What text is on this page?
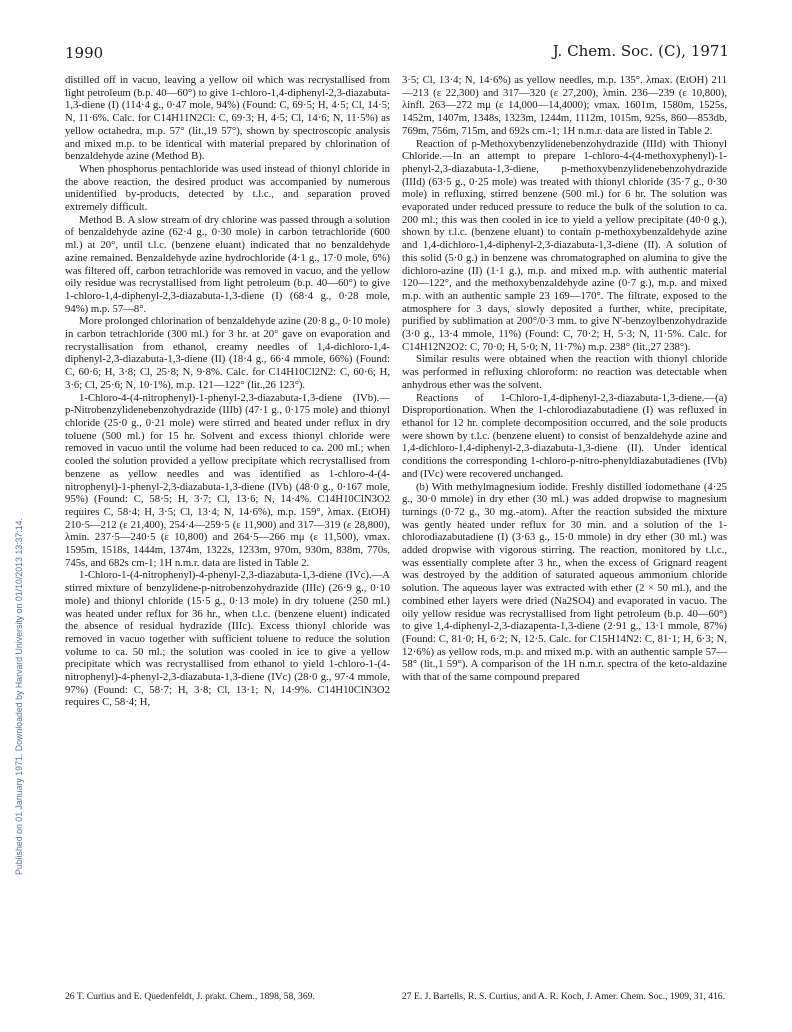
1990	J. Chem. Soc. (C), 1971
Published on 01 January 1971. Downloaded by Harvard University on 01/10/2013 13:37:14.

distilled off in vacuo, leaving a yellow oil which was recrystallised from light petroleum (b.p. 40—60°) to give 1-chloro-1,4-diphenyl-2,3-diazabuta-1,3-diene (I) (114·4 g., 0·47 mole, 94%) (Found: C, 69·5; H, 4·5; Cl, 14·5; N, 11·6%. Calc. for C14H11N2Cl: C, 69·3; H, 4·5; Cl, 14·6; N, 11·5%) as yellow octahedra, m.p. 57° (lit.,19 57°), shown by spectroscopic analysis and mixed m.p. to be identical with material prepared by chlorination of benzaldehyde azine (Method B).

When phosphorus pentachloride was used instead of thionyl chloride in the above reaction, the desired product was accompanied by numerous unidentified by-products, detected by t.l.c., and separation proved extremely difficult.

Method B. A slow stream of dry chlorine was passed through a solution of benzaldehyde azine (62·4 g., 0·30 mole) in carbon tetrachloride (600 ml.) at 20°, until t.l.c. (benzene eluant) indicated that no benzaldehyde azine remained. Benzaldehyde azine hydrochloride (4·1 g., 17·0 mole, 6%) was filtered off, carbon tetrachloride was removed in vacuo, and the yellow oily residue was recrystallised from light petroleum (b.p. 40—60°) to give 1-chloro-1,4-diphenyl-2,3-diazabuta-1,3-diene (I) (68·4 g., 0·28 mole, 94%) m.p. 57—8°.

More prolonged chlorination of benzaldehyde azine (20·8 g., 0·10 mole) in carbon tetrachloride (300 ml.) for 3 hr. at 20° gave on evaporation and recrystallisation from ethanol, creamy needles of 1,4-dichloro-1,4-diphenyl-2,3-diazabuta-1,3-diene (II) (18·4 g., 66·4 mmole, 66%) (Found: C, 60·6; H, 3·8; Cl, 25·8; N, 9·8%. Calc. for C14H10Cl2N2: C, 60·6; H, 3·6; Cl, 25·6; N, 10·1%), m.p. 121—122° (lit.,26 123°).

1-Chloro-4-(4-nitrophenyl)-1-phenyl-2,3-diazabuta-1,3-diene (IVb).—p-Nitrobenzylidenebenzohydrazide (IIIb) (47·1 g., 0·175 mole) and thionyl chloride (25·0 g., 0·21 mole) were stirred and heated under reflux in dry toluene (500 ml.) for 15 hr. Solvent and excess thionyl chloride were removed in vacuo until the volume had been reduced to ca. 200 ml.; when cooled the solution provided a yellow precipitate which recrystallised from benzene as yellow needles and was identified as 1-chloro-4-(4-nitrophenyl)-1-phenyl-2,3-diazabuta-1,3-diene (IVb) (48·0 g., 0·167 mole, 95%) (Found: C, 58·5; H, 3·7; Cl, 13·6; N, 14·4%. C14H10ClN3O2 requires C, 58·4; H, 3·5; Cl, 13·4; N, 14·6%), m.p. 159°, λmax. (EtOH) 210·5—212 (ε 21,400), 254·4—259·5 (ε 11,900) and 317—319 (ε 28,800), λmin. 237·5—240·5 (ε 10,800) and 264·5—266 mμ (ε 11,500), νmax. 1595m, 1518s, 1444m, 1374m, 1322s, 1233m, 970m, 930m, 838m, 770s, 745s, and 682s cm-1; 1H n.m.r. data are listed in Table 2.

1-Chloro-1-(4-nitrophenyl)-4-phenyl-2,3-diazabuta-1,3-diene (IVc).—A stirred mixture of benzylidene-p-nitrobenzohydrazide (IIIc) (26·9 g., 0·10 mole) and thionyl chloride (15·5 g., 0·13 mole) in dry toluene (250 ml.) was heated under reflux for 36 hr., when t.l.c. (benzene eluent) indicated the absence of residual hydrazide (IIIc). Excess thionyl chloride was removed in vacuo together with sufficient toluene to reduce the solution volume to ca. 50 ml.; the solution was cooled in ice to give a yellow precipitate which was recrystallised from ethanol to yield 1-chloro-1-(4-nitrophenyl)-4-phenyl-2,3-diazabuta-1,3-diene (IVc) (28·0 g., 97·4 mmole, 97%) (Found: C, 58·7; H, 3·8; Cl, 13·1; N, 14·9%. C14H10ClN3O2 requires C, 58·4; H,

3·5; Cl, 13·4; N, 14·6%) as yellow needles, m.p. 135°. λmax. (EtOH) 211—213 (ε 22,300) and 317—320 (ε 27,200), λmin. 236—239 (ε 10,800), λinfl. 263—272 mμ (ε 14,000—14,4000); νmax. 1601m, 1580m, 1525s, 1452m, 1407m, 1348s, 1323m, 1244m, 1112m, 1015m, 925s, 860—853db, 769m, 756m, 715m, and 692s cm.-1; 1H n.m.r. data are listed in Table 2.

Reaction of p-Methoxybenzylidenebenzohydrazide (IIId) with Thionyl Chloride.—In an attempt to prepare 1-chloro-4-(4-methoxyphenyl)-1-phenyl-2,3-diazabuta-1,3-diene, p-methoxybenzylidenebenzohydrazide (IIId) (63·5 g., 0·25 mole) was treated with thionyl chloride (35·7 g., 0·30 mole) in refluxing, stirred benzene (500 ml.) for 6 hr. The solution was evaporated under reduced pressure to reduce the bulk of the solution to ca. 200 ml.; this was then cooled in ice to yield a yellow precipitate (40·0 g.), shown by t.l.c. (benzene eluant) to contain p-methoxybenzaldehyde azine and 1,4-dichloro-1,4-diphenyl-2,3-diazabuta-1,3-diene (II). A solution of this solid (5·0 g.) in benzene was chromatographed on alumina to give the dichloro-azine (II) (1·1 g.), m.p. and mixed m.p. with authentic material 120—122°, and the methoxybenzaldehyde azine (0·7 g.), m.p. and mixed m.p. with an authentic sample 23 169—170°. The filtrate, exposed to the atmosphere for 3 days, slowly deposited a further, white, precipitate, purified by sublimation at 200°/0·3 mm. to give N'-benzoylbenzohydrazide (3·0 g., 13·4 mmole, 11%) (Found: C, 70·2; H, 5·3; N, 11·5%. Calc. for C14H12N2O2: C, 70·0; H, 5·0; N, 11·7%) m.p. 238° (lit.,27 238°).

Similar results were obtained when the reaction with thionyl chloride was performed in refluxing chloroform: no reaction was detectable when anhydrous ether was the solvent.

Reactions of 1-Chloro-1,4-diphenyl-2,3-diazabuta-1,3-diene.—(a) Disproportionation. When the 1-chlorodiazabutadiene (I) was refluxed in ethanol for 12 hr. complete decomposition occurred, and the sole products were shown by t.l.c. (benzene eluent) to consist of benzaldehyde azine and 1,4-dichloro-1,4-diphenyl-2,3-diazabuta-1,3-diene (II). Under identical conditions the corresponding 1-chloro-p-nitro-phenyldiazabutadienes (IVb) and (IVc) were recovered unchanged.

(b) With methylmagnesium iodide. Freshly distilled iodomethane (4·25 g., 30·0 mmole) in dry ether (30 ml.) was added dropwise to magnesium turnings (0·72 g., 30 mg.-atom). After the reaction subsided the mixture was gently heated under reflux for 30 min. and a solution of the 1-chlorodiazabutadiene (I) (3·63 g., 15·0 mmole) in dry ether (30 ml.) was added dropwise with vigorous stirring. The reaction, monitored by t.l.c., was essentially complete after 3 hr., when the excess of Grignard reagent was destroyed by the addition of saturated aqueous ammonium chloride solution. The aqueous layer was extracted with ether (2 × 50 ml.), and the combined ether layers were dried (Na2SO4) and evaporated in vacuo. The oily yellow residue was recrystallised from light petroleum (b.p. 40—60°) to give 1,4-diphenyl-2,3-diazapenta-1,3-diene (2·91 g., 13·1 mmole, 87%) (Found: C, 81·0; H, 6·2; N, 12·5. Calc. for C15H14N2: C, 81·1; H, 6·3; N, 12·6%) as yellow rods, m.p. and mixed m.p. with an authentic sample 57—58° (lit.,1 59°). A comparison of the 1H n.m.r. spectra of the keto-aldazine with that of the same compound prepared

26 T. Curtius and E. Quedenfeldt, J. prakt. Chem., 1898, 58, 369.	27 E. J. Bartells, R. S. Curtius, and A. R. Koch, J. Amer. Chem. Soc., 1909, 31, 416.
